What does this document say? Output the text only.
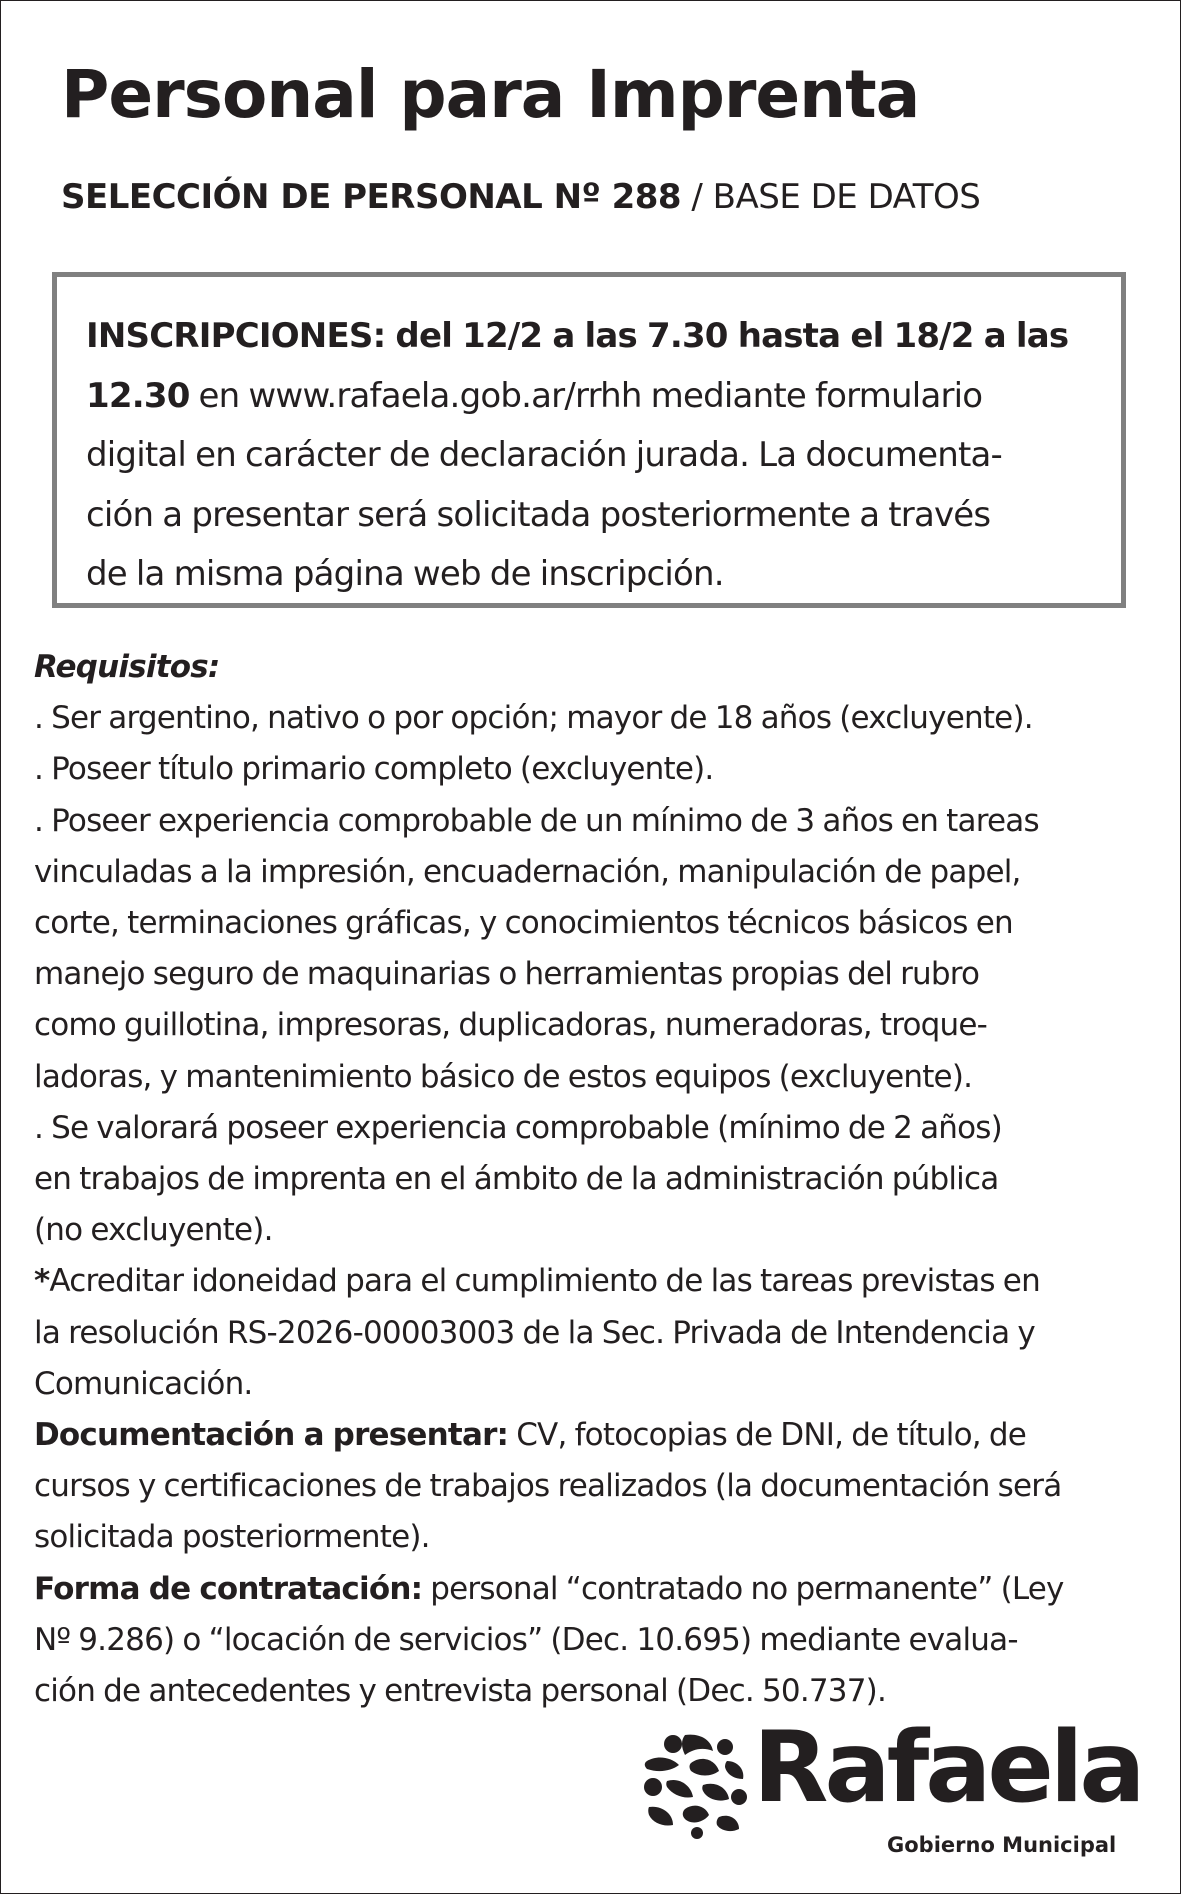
Personal para Imprenta
SELECCIÓN DE PERSONAL Nº 288 / BASE DE DATOS

INSCRIPCIONES: del 12/2 a las 7.30 hasta el 18/2 a las
12.30 en www.rafaela.gob.ar/rrhh mediante formulario
digital en carácter de declaración jurada. La documenta-
ción a presentar será solicitada posteriormente a través
de la misma página web de inscripción.

Requisitos:
. Ser argentino, nativo o por opción; mayor de 18 años (excluyente).
. Poseer título primario completo (excluyente).
. Poseer experiencia comprobable de un mínimo de 3 años en tareas
vinculadas a la impresión, encuadernación, manipulación de papel,
corte, terminaciones gráficas, y conocimientos técnicos básicos en
manejo seguro de maquinarias o herramientas propias del rubro
como guillotina, impresoras, duplicadoras, numeradoras, troque-
ladoras, y mantenimiento básico de estos equipos (excluyente).
. Se valorará poseer experiencia comprobable (mínimo de 2 años)
en trabajos de imprenta en el ámbito de la administración pública
(no excluyente).
*Acreditar idoneidad para el cumplimiento de las tareas previstas en
la resolución RS-2026-00003003 de la Sec. Privada de Intendencia y
Comunicación.
Documentación a presentar: CV, fotocopias de DNI, de título, de
cursos y certificaciones de trabajos realizados (la documentación será
solicitada posteriormente).
Forma de contratación: personal “contratado no permanente” (Ley
Nº 9.286) o “locación de servicios” (Dec. 10.695) mediante evalua-
ción de antecedentes y entrevista personal (Dec. 50.737).
Rafaela
Gobierno Municipal
